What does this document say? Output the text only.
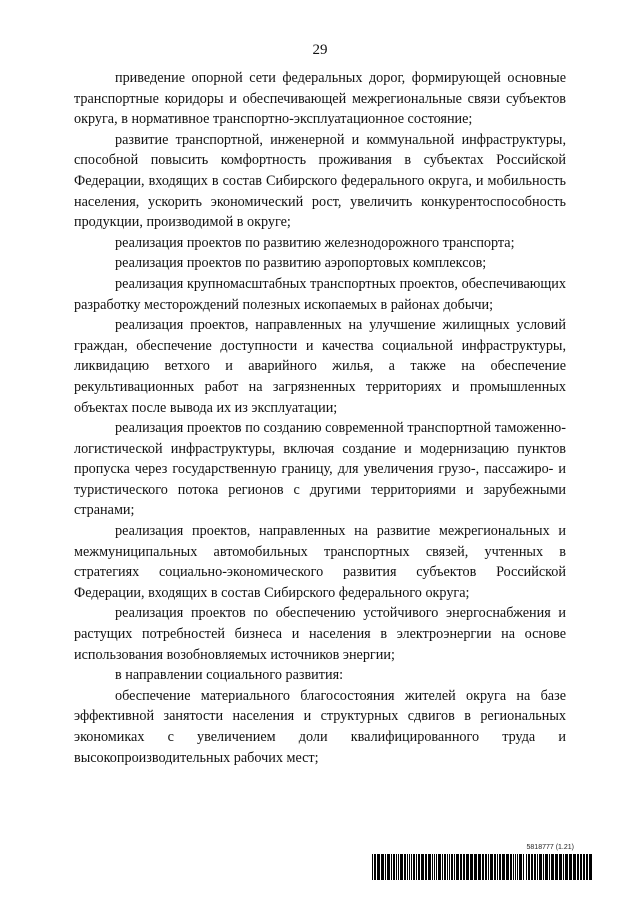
29

приведение опорной сети федеральных дорог, формирующей основные транспортные коридоры и обеспечивающей межрегиональные связи субъектов округа, в нормативное транспортно-эксплуатационное состояние;

развитие транспортной, инженерной и коммунальной инфраструктуры, способной повысить комфортность проживания в субъектах Российской Федерации, входящих в состав Сибирского федерального округа, и мобильность населения, ускорить экономический рост, увеличить конкурентоспособность продукции, производимой в округе;

реализация проектов по развитию железнодорожного транспорта;

реализация проектов по развитию аэропортовых комплексов;

реализация крупномасштабных транспортных проектов, обеспечивающих разработку месторождений полезных ископаемых в районах добычи;

реализация проектов, направленных на улучшение жилищных условий граждан, обеспечение доступности и качества социальной инфраструктуры, ликвидацию ветхого и аварийного жилья, а также на обеспечение рекультивационных работ на загрязненных территориях и промышленных объектах после вывода их из эксплуатации;

реализация проектов по созданию современной транспортной таможенно-логистической инфраструктуры, включая создание и модернизацию пунктов пропуска через государственную границу, для увеличения грузо-, пассажиро- и туристического потока регионов с другими территориями и зарубежными странами;

реализация проектов, направленных на развитие межрегиональных и межмуниципальных автомобильных транспортных связей, учтенных в стратегиях социально-экономического развития субъектов Российской Федерации, входящих в состав Сибирского федерального округа;

реализация проектов по обеспечению устойчивого энергоснабжения и растущих потребностей бизнеса и населения в электроэнергии на основе использования возобновляемых источников энергии;

в направлении социального развития:

обеспечение материального благосостояния жителей округа на базе эффективной занятости населения и структурных сдвигов в региональных экономиках с увеличением доли квалифицированного труда и высокопроизводительных рабочих мест;

5818777 (1.21)
